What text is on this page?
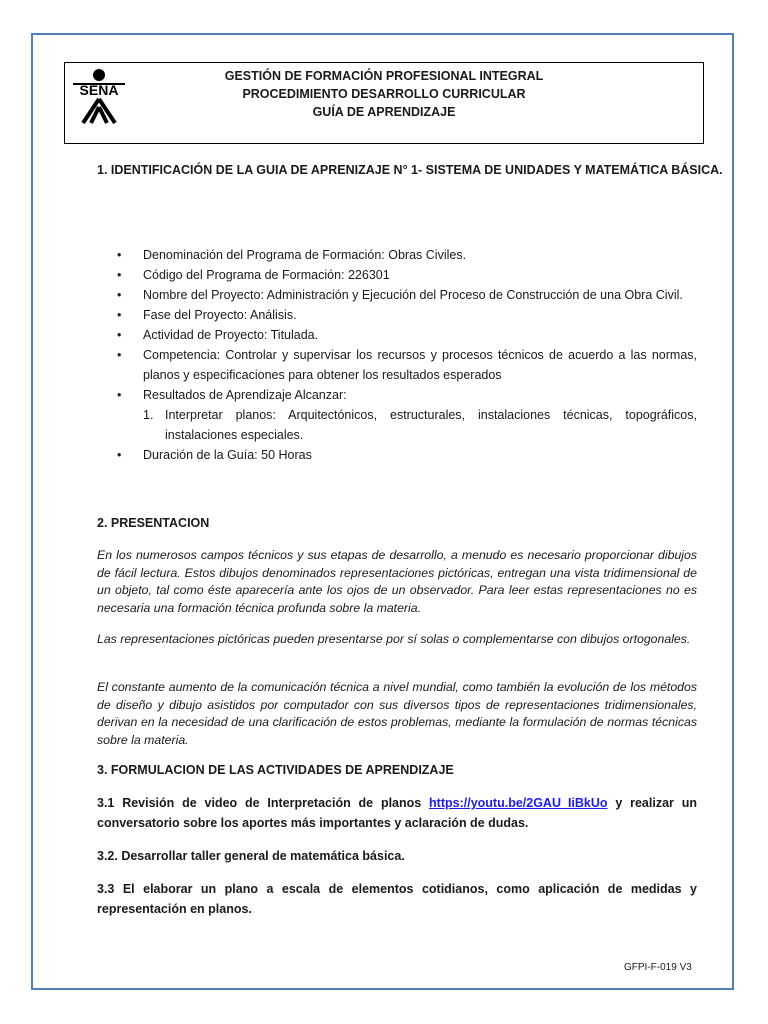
SENA
GESTIÓN DE FORMACIÓN PROFESIONAL INTEGRAL
PROCEDIMIENTO DESARROLLO CURRICULAR
GUÍA DE APRENDIZAJE
1. IDENTIFICACIÓN DE LA GUIA DE APRENIZAJE N° 1- SISTEMA DE UNIDADES Y MATEMÁTICA BÁSICA.
• Denominación del Programa de Formación: Obras Civiles.
• Código del Programa de Formación: 226301
• Nombre del Proyecto: Administración y Ejecución del Proceso de Construcción de una Obra Civil.
• Fase del Proyecto: Análisis.
• Actividad de Proyecto: Titulada.
• Competencia: Controlar y supervisar los recursos y procesos técnicos de acuerdo a las normas, planos y especificaciones para obtener los resultados esperados
• Resultados de Aprendizaje Alcanzar:
1. Interpretar planos: Arquitectónicos, estructurales, instalaciones técnicas, topográficos, instalaciones especiales.
• Duración de la Guía: 50 Horas
2. PRESENTACION

En los numerosos campos técnicos y sus etapas de desarrollo, a menudo es necesario proporcionar dibujos de fácil lectura. Estos dibujos denominados representaciones pictóricas, entregan una vista tridimensional de un objeto, tal como éste aparecería ante los ojos de un observador. Para leer estas representaciones no es necesaria una formación técnica profunda sobre la materia.

Las representaciones pictóricas pueden presentarse por sí solas o complementarse con dibujos ortogonales.

El constante aumento de la comunicación técnica a nivel mundial, como también la evolución de los métodos de diseño y dibujo asistidos por computador con sus diversos tipos de representaciones tridimensionales, derivan en la necesidad de una clarificación de estos problemas, mediante la formulación de normas técnicas sobre la materia.

3. FORMULACION DE LAS ACTIVIDADES DE APRENDIZAJE

3.1 Revisión de video de Interpretación de planos https://youtu.be/2GAU_IiBkUo y realizar un conversatorio sobre los aportes más importantes y aclaración de dudas.

3.2. Desarrollar taller general de matemática básica.

3.3 El elaborar un plano a escala de elementos cotidianos, como aplicación de medidas y representación en planos.

GFPI-F-019 V3
